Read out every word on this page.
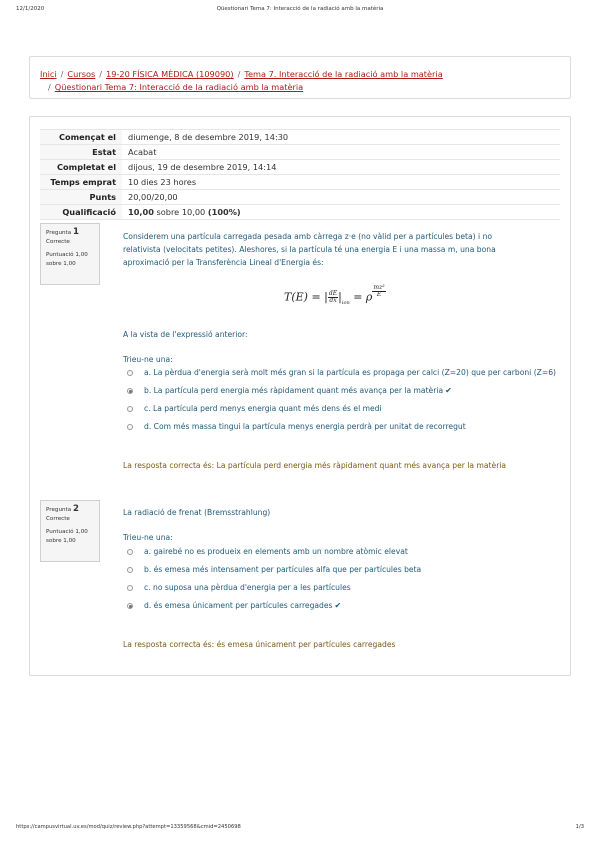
12/1/2020	Qüestionari Tema 7: Interacció de la radiació amb la matèria
Inici / Cursos / 19-20 FÍSICA MÈDICA (109090) / Tema 7. Interacció de la radiació amb la matèria
/ Qüestionari Tema 7: Interacció de la radiació amb la matèria
Començat el	diumenge, 8 de desembre 2019, 14:30
Estat	Acabat
Completat el	dijous, 19 de desembre 2019, 14:14
Temps emprat	10 dies 23 hores
Punts	20,00/20,00
Qualificació	10,00 sobre 10,00 (100%)
Pregunta 1
Correcte
Puntuació 1,00 sobre 1,00

Considerem una partícula carregada pesada amb càrrega z·e (no vàlid per a partícules beta) i no relativista (velocitats petites). Aleshores, si la partícula té una energia E i una massa m, una bona aproximació per la Transferència Lineal d'Energia és:

T(E) = | $\frac{dE}{dx} |_{ion} = \rho \frac{\text{mz²}}{E}$
A la vista de l'expressió anterior:
Trieu-ne una:
a. La pèrdua d'energia serà molt més gran si la partícula es propaga per calci (Z=20) que per carboni (Z=6)
b. La partícula perd energia més ràpidament quant més avança per la matèria ✔
c. La partícula perd menys energia quant més dens és el medi
d. Com més massa tingui la partícula menys energia perdrà per unitat de recorregut
La resposta correcta és: La partícula perd energia més ràpidament quant més avança per la matèria
Pregunta 2
Correcte
Puntuació 1,00 sobre 1,00
La radiació de frenat (Bremsstrahlung)
Trieu-ne una:
a. gairebé no es produeix en elements amb un nombre atòmic elevat
b. és emesa més intensament per partícules alfa que per partícules beta
c. no suposa una pèrdua d'energia per a les partícules
d. és emesa únicament per partícules carregades ✔
La resposta correcta és: és emesa únicament per partícules carregades
https://campusvirtual.uv.es/mod/quiz/review.php?attempt=13359568&cmid=2450698	1/3
